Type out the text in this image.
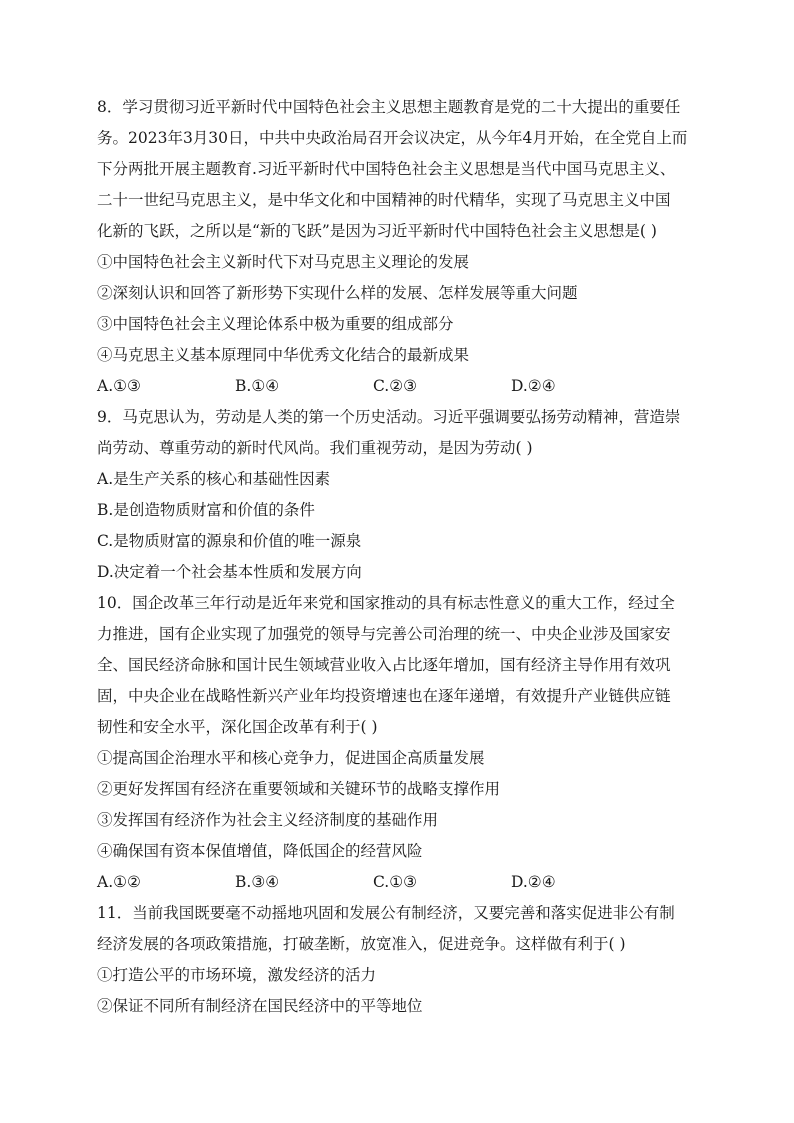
8．学习贯彻习近平新时代中国特色社会主义思想主题教育是党的二十大提出的重要任
务。2023年3月30日，中共中央政治局召开会议决定，从今年4月开始，在全党自上而
下分两批开展主题教育.习近平新时代中国特色社会主义思想是当代中国马克思主义、
二十一世纪马克思主义，是中华文化和中国精神的时代精华，实现了马克思主义中国
化新的飞跃，之所以是“新的飞跃”是因为习近平新时代中国特色社会主义思想是( )
①中国特色社会主义新时代下对马克思主义理论的发展
②深刻认识和回答了新形势下实现什么样的发展、怎样发展等重大问题
③中国特色社会主义理论体系中极为重要的组成部分
④马克思主义基本原理同中华优秀文化结合的最新成果
A.①③	B.①④	C.②③	D.②④
9．马克思认为，劳动是人类的第一个历史活动。习近平强调要弘扬劳动精神，营造崇
尚劳动、尊重劳动的新时代风尚。我们重视劳动，是因为劳动( )
A.是生产关系的核心和基础性因素
B.是创造物质财富和价值的条件
C.是物质财富的源泉和价值的唯一源泉
D.决定着一个社会基本性质和发展方向
10．国企改革三年行动是近年来党和国家推动的具有标志性意义的重大工作，经过全
力推进，国有企业实现了加强党的领导与完善公司治理的统一、中央企业涉及国家安
全、国民经济命脉和国计民生领域营业收入占比逐年增加，国有经济主导作用有效巩
固，中央企业在战略性新兴产业年均投资增速也在逐年递增，有效提升产业链供应链
韧性和安全水平，深化国企改革有利于( )
①提高国企治理水平和核心竞争力，促进国企高质量发展
②更好发挥国有经济在重要领域和关键环节的战略支撑作用
③发挥国有经济作为社会主义经济制度的基础作用
④确保国有资本保值增值，降低国企的经营风险
A.①②	B.③④	C.①③	D.②④
11．当前我国既要毫不动摇地巩固和发展公有制经济，又要完善和落实促进非公有制
经济发展的各项政策措施，打破垄断，放宽准入，促进竞争。这样做有利于( )
①打造公平的市场环境，激发经济的活力
②保证不同所有制经济在国民经济中的平等地位
